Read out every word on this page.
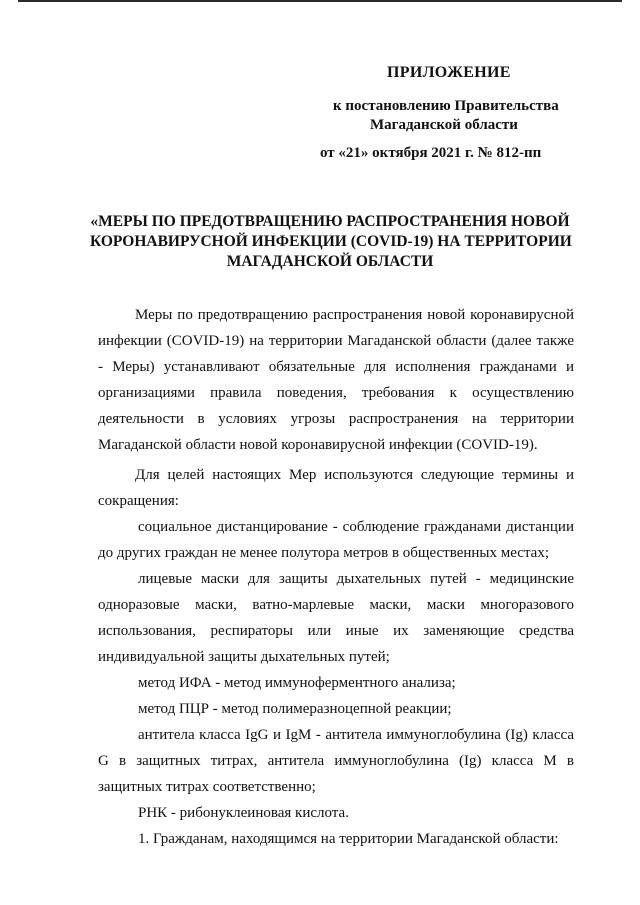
ПРИЛОЖЕНИЕ
к постановлению Правительства
Магаданской области
от «21» октября 2021 г. № 812-пп
«МЕРЫ ПО ПРЕДОТВРАЩЕНИЮ РАСПРОСТРАНЕНИЯ НОВОЙ
КОРОНАВИРУСНОЙ ИНФЕКЦИИ (COVID-19) НА ТЕРРИТОРИИ
МАГАДАНСКОЙ ОБЛАСТИ

Меры по предотвращению распространения новой коронавирусной инфекции (COVID-19) на территории Магаданской области (далее также - Меры) устанавливают обязательные для исполнения гражданами и организациями правила поведения, требования к осуществлению деятельности в условиях угрозы распространения на территории Магаданской области новой коронавирусной инфекции (COVID-19).

Для целей настоящих Мер используются следующие термины и сокращения:

социальное дистанцирование - соблюдение гражданами дистанции до других граждан не менее полутора метров в общественных местах;

лицевые маски для защиты дыхательных путей - медицинские одноразовые маски, ватно-марлевые маски, маски многоразового использования, респираторы или иные их заменяющие средства индивидуальной защиты дыхательных путей;

метод ИФА - метод иммуноферментного анализа;

метод ПЦР - метод полимеразноцепной реакции;

антитела класса IgG и IgM - антитела иммуноглобулина (Ig) класса G в защитных титрах, антитела иммуноглобулина (Ig) класса М в защитных титрах соответственно;

РНК - рибонуклеиновая кислота.

1. Гражданам, находящимся на территории Магаданской области:
